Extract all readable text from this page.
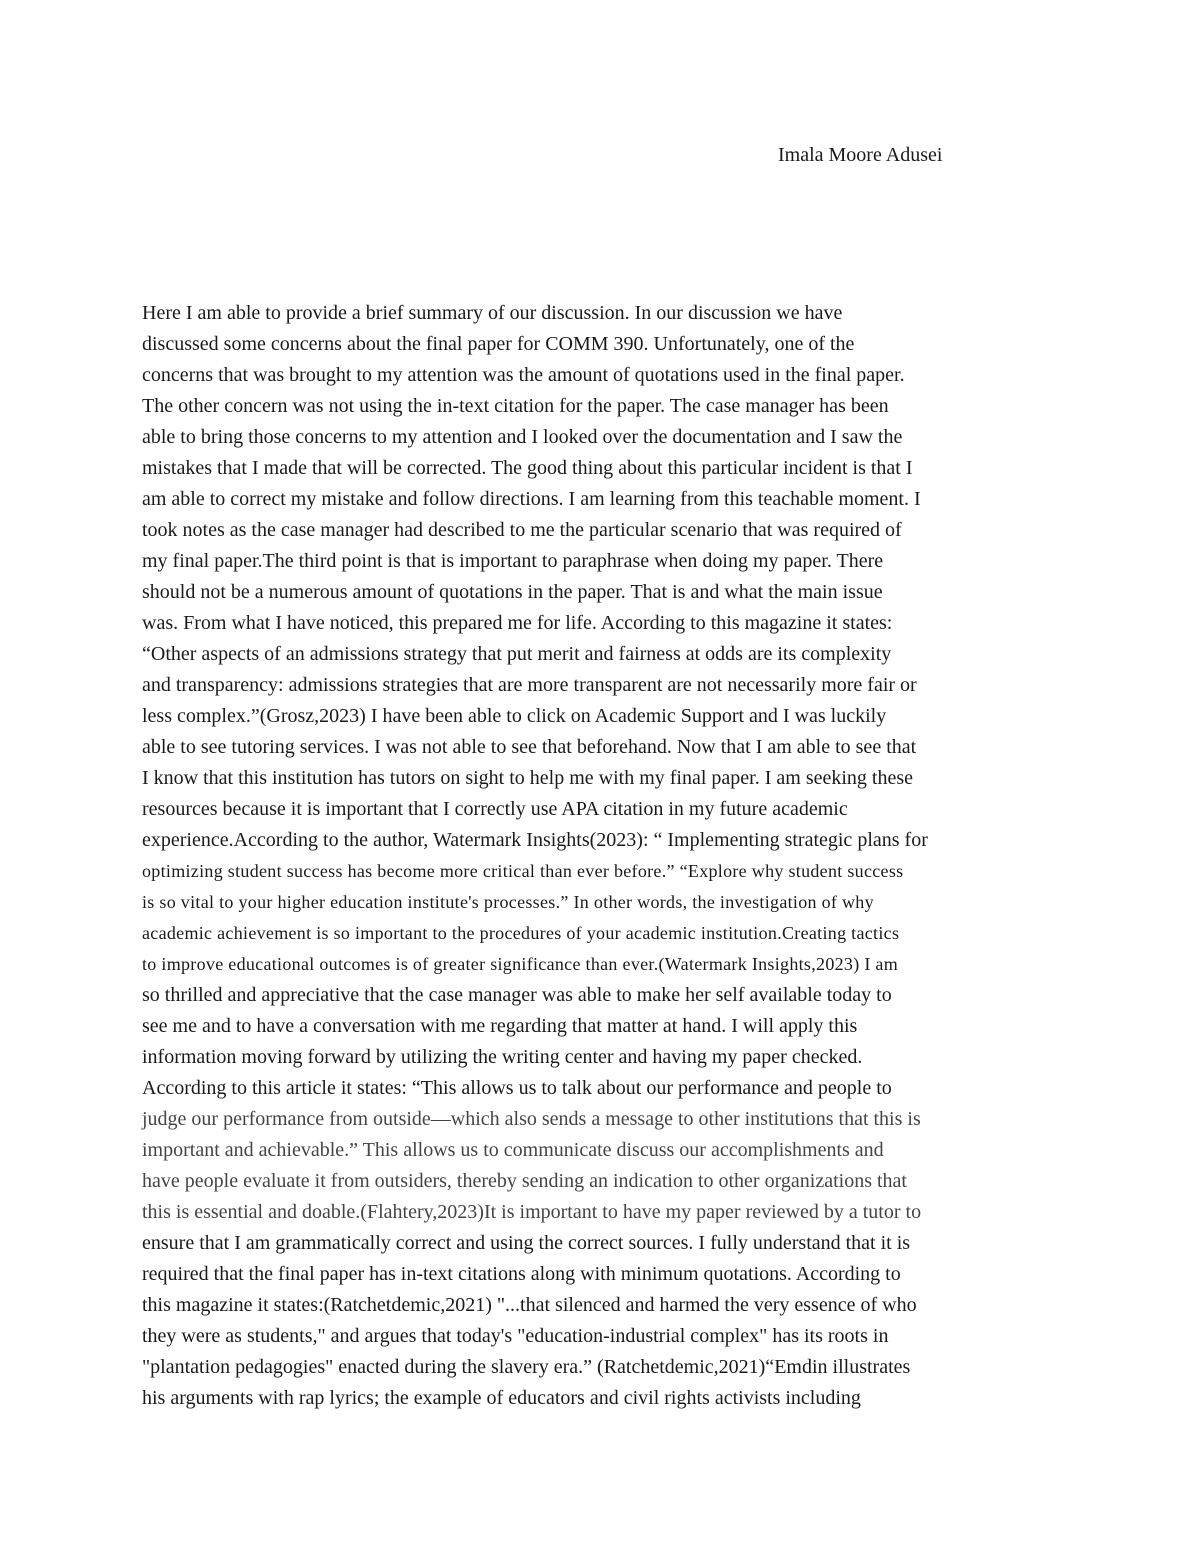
Imala Moore Adusei
Here I am able to provide a brief summary of our discussion. In our discussion we have
discussed some concerns about the final paper for COMM 390. Unfortunately, one of the
concerns that was brought to my attention was the amount of quotations used in the final paper.
The other concern was not using the in-text citation for the paper. The case manager has been
able to bring those concerns to my attention and I looked over the documentation and I saw the
mistakes that I made that will be corrected. The good thing about this particular incident is that I
am able to correct my mistake and follow directions. I am learning from this teachable moment. I
took notes as the case manager had described to me the particular scenario that was required of
my final paper.The third point is that is important to paraphrase when doing my paper. There
should not be a numerous amount of quotations in the paper. That is and what the main issue
was. From what I have noticed, this prepared me for life. According to this magazine it states:
“Other aspects of an admissions strategy that put merit and fairness at odds are its complexity
and transparency: admissions strategies that are more transparent are not necessarily more fair or
less complex.”(Grosz,2023) I have been able to click on Academic Support and I was luckily
able to see tutoring services. I was not able to see that beforehand. Now that I am able to see that
I know that this institution has tutors on sight to help me with my final paper. I am seeking these
resources because it is important that I correctly use APA citation in my future academic
experience.According to the author, Watermark Insights(2023): “ Implementing strategic plans for
optimizing student success has become more critical than ever before.” “Explore why student success
is so vital to your higher education institute's processes.” In other words, the investigation of why
academic achievement is so important to the procedures of your academic institution.Creating tactics
to improve educational outcomes is of greater significance than ever.(Watermark Insights,2023) I am
so thrilled and appreciative that the case manager was able to make her self available today to
see me and to have a conversation with me regarding that matter at hand. I will apply this
information moving forward by utilizing the writing center and having my paper checked.
According to this article it states: “This allows us to talk about our performance and people to
judge our performance from outside—which also sends a message to other institutions that this is
important and achievable.” This allows us to communicate discuss our accomplishments and
have people evaluate it from outsiders, thereby sending an indication to other organizations that
this is essential and doable.(Flahtery,2023)It is important to have my paper reviewed by a tutor to
ensure that I am grammatically correct and using the correct sources. I fully understand that it is
required that the final paper has in-text citations along with minimum quotations. According to
this magazine it states:(Ratchetdemic,2021) "...that silenced and harmed the very essence of who
they were as students," and argues that today's "education-industrial complex" has its roots in
"plantation pedagogies" enacted during the slavery era.” (Ratchetdemic,2021)“Emdin illustrates
his arguments with rap lyrics; the example of educators and civil rights activists including
